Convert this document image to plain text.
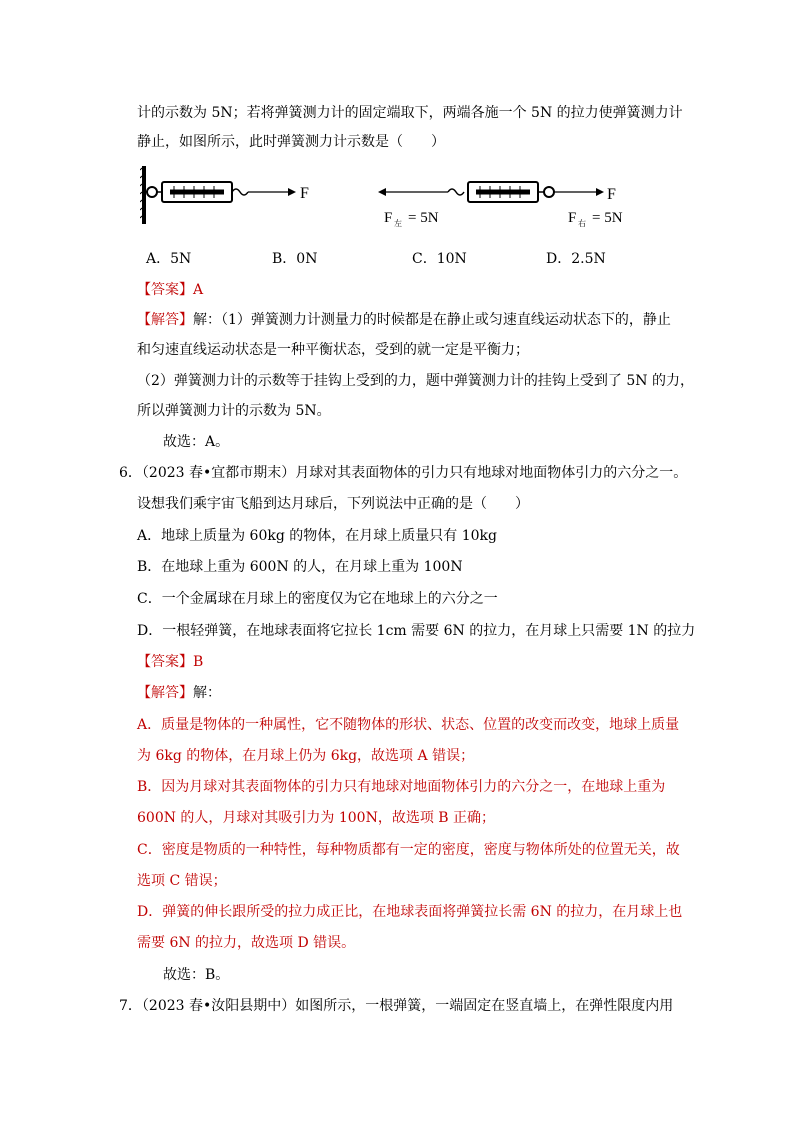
计的示数为 5N；若将弹簧测力计的固定端取下，两端各施一个 5N 的拉力使弹簧测力计
静止，如图所示，此时弹簧测力计示数是（　　）
F	F
F 左 = 5N	F 右 = 5N
A．5N	B．0N	C．10N	D．2.5N
【答案】A
【解答】解：（1）弹簧测力计测量力的时候都是在静止或匀速直线运动状态下的，静止
和匀速直线运动状态是一种平衡状态，受到的就一定是平衡力；
（2）弹簧测力计的示数等于挂钩上受到的力，题中弹簧测力计的挂钩上受到了 5N 的力，
所以弹簧测力计的示数为 5N。
故选：A。
6．（2023 春•宜都市期末）月球对其表面物体的引力只有地球对地面物体引力的六分之一。
设想我们乘宇宙飞船到达月球后，下列说法中正确的是（　　）
A．地球上质量为 60kg 的物体，在月球上质量只有 10kg
B．在地球上重为 600N 的人，在月球上重为 100N
C．一个金属球在月球上的密度仅为它在地球上的六分之一
D．一根轻弹簧，在地球表面将它拉长 1cm 需要 6N 的拉力，在月球上只需要 1N 的拉力
【答案】B
【解答】解：
A．质量是物体的一种属性，它不随物体的形状、状态、位置的改变而改变，地球上质量
为 6kg 的物体，在月球上仍为 6kg，故选项 A 错误；
B．因为月球对其表面物体的引力只有地球对地面物体引力的六分之一，在地球上重为
600N 的人，月球对其吸引力为 100N，故选项 B 正确；
C．密度是物质的一种特性，每种物质都有一定的密度，密度与物体所处的位置无关，故
选项 C 错误；
D．弹簧的伸长跟所受的拉力成正比，在地球表面将弹簧拉长需 6N 的拉力，在月球上也
需要 6N 的拉力，故选项 D 错误。
故选：B。
7．（2023 春•汝阳县期中）如图所示，一根弹簧，一端固定在竖直墙上，在弹性限度内用
